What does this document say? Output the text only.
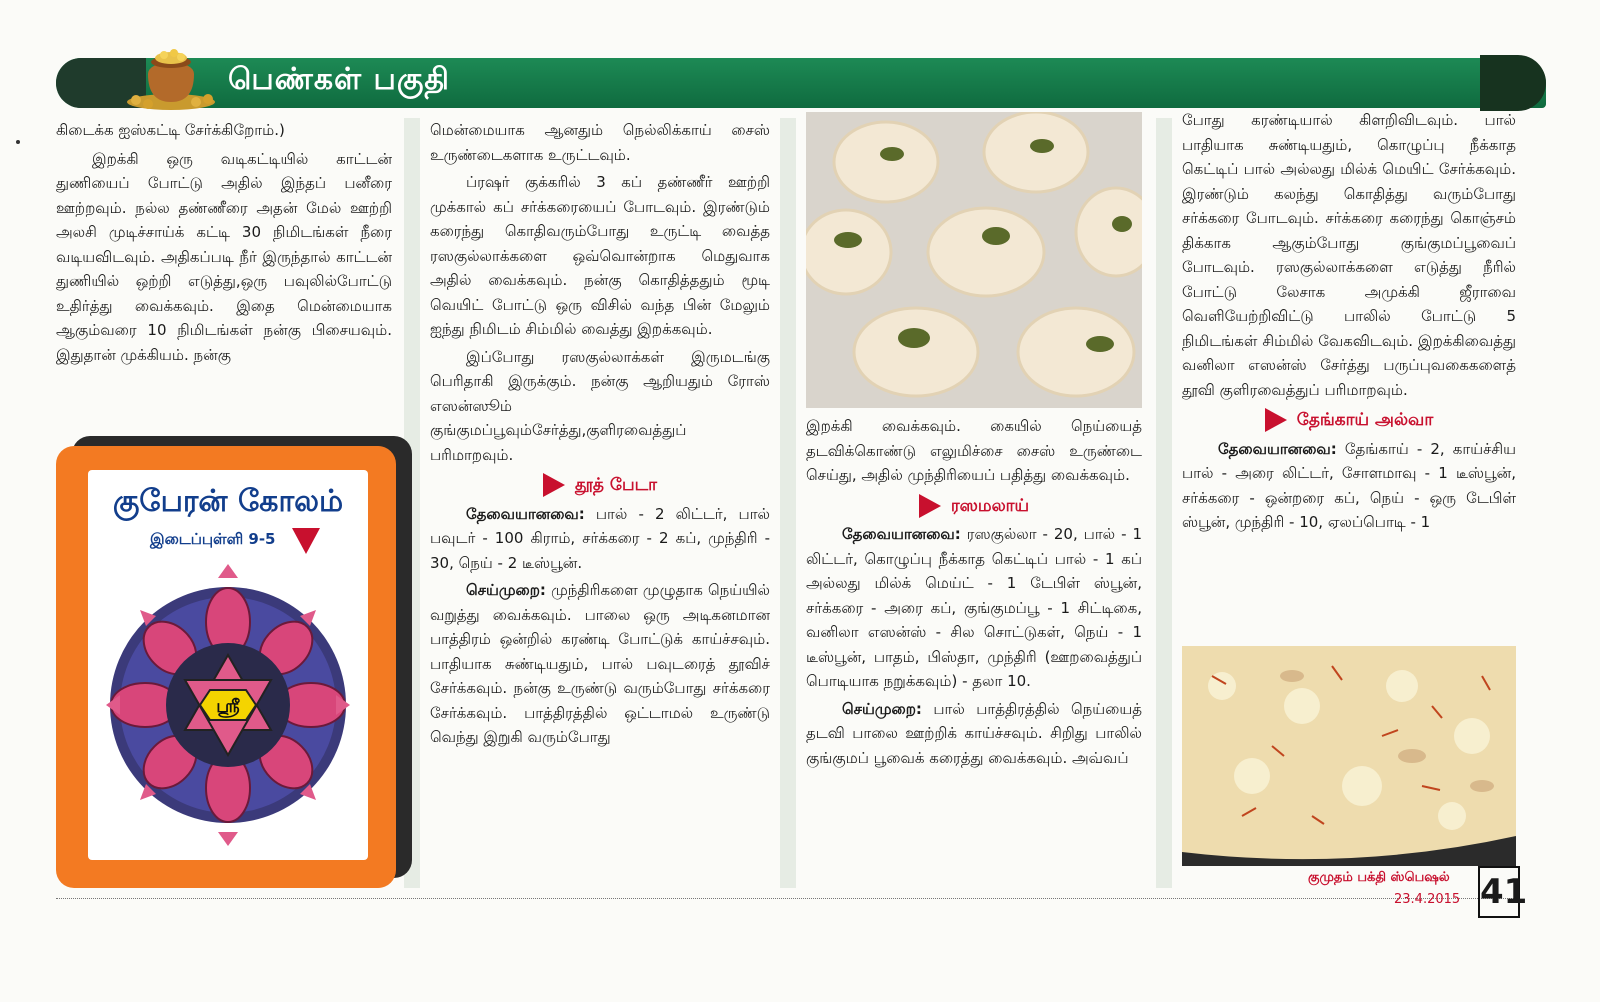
பெண்கள் பகுதி

கிடைக்க ஐஸ்கட்டி சேர்க்கிறோம்.)

இறக்கி ஒரு வடிகட்டியில் காட்டன் துணியைப் போட்டு அதில் இந்தப் பனீரை ஊற்றவும். நல்ல தண்ணீரை அதன் மேல் ஊற்றி அலசி முடிச்சாய்க் கட்டி 30 நிமிடங்கள் நீரை வடியவிடவும். அதிகப்படி நீர் இருந்தால் காட்டன் துணியில் ஒற்றி எடுத்து,ஒரு பவுலில்போட்டு உதிர்த்து வைக்கவும். இதை மென்மையாக ஆகும்வரை 10 நிமிடங்கள் நன்கு பிசையவும். இதுதான் முக்கியம். நன்கு

குபேரன் கோலம்
இடைப்புள்ளி 9-5
ஸ்ரீ

மென்மையாக ஆனதும் நெல்லிக்காய் சைஸ் உருண்டைகளாக உருட்டவும்.

ப்ரஷர் குக்கரில் 3 கப் தண்ணீர் ஊற்றி முக்கால் கப் சர்க்கரையைப் போடவும். இரண்டும் கரைந்து கொதிவரும்போது உருட்டி வைத்த ரஸகுல்லாக்களை ஒவ்வொன்றாக மெதுவாக அதில் வைக்கவும். நன்கு கொதித்ததும் மூடி வெயிட் போட்டு ஒரு விசில் வந்த பின் மேலும் ஐந்து நிமிடம் சிம்மில் வைத்து இறக்கவும்.

இப்போது ரஸகுல்லாக்கள் இருமடங்கு பெரிதாகி இருக்கும். நன்கு ஆறியதும் ரோஸ் எஸன்ஸூம் குங்குமப்பூவும்சேர்த்து,குளிரவைத்துப் பரிமாறவும்.

தூத் பேடா

தேவையானவை: பால் - 2 லிட்டர், பால் பவுடர் - 100 கிராம், சர்க்கரை - 2 கப், முந்திரி - 30, நெய் - 2 டீஸ்பூன்.

செய்முறை: முந்திரிகளை முழுதாக நெய்யில் வறுத்து வைக்கவும். பாலை ஒரு அடிகனமான பாத்திரம் ஒன்றில் கரண்டி போட்டுக் காய்ச்சவும். பாதியாக சுண்டியதும், பால் பவுடரைத் தூவிச் சேர்க்கவும். நன்கு உருண்டு வரும்போது சர்க்கரை சேர்க்கவும். பாத்திரத்தில் ஒட்டாமல் உருண்டு வெந்து இறுகி வரும்போது

இறக்கி வைக்கவும். கையில் நெய்யைத் தடவிக்கொண்டு எலுமிச்சை சைஸ் உருண்டை செய்து, அதில் முந்திரியைப் பதித்து வைக்கவும்.

ரஸமலாய்

தேவையானவை: ரஸகுல்லா - 20, பால் - 1 லிட்டர், கொழுப்பு நீக்காத கெட்டிப் பால் - 1 கப் அல்லது மில்க் மெய்ட் - 1 டேபிள் ஸ்பூன், சர்க்கரை - அரை கப், குங்குமப்பூ - 1 சிட்டிகை, வனிலா எஸன்ஸ் - சில சொட்டுகள், நெய் - 1 டீஸ்பூன், பாதம், பிஸ்தா, முந்திரி (ஊறவைத்துப் பொடியாக நறுக்கவும்) - தலா 10.

செய்முறை: பால் பாத்திரத்தில் நெய்யைத் தடவி பாலை ஊற்றிக் காய்ச்சவும். சிறிது பாலில் குங்குமப் பூவைக் கரைத்து வைக்கவும். அவ்வப்

போது கரண்டியால் கிளறிவிடவும். பால் பாதியாக சுண்டியதும், கொழுப்பு நீக்காத கெட்டிப் பால் அல்லது மில்க் மெயிட் சேர்க்கவும். இரண்டும் கலந்து கொதித்து வரும்போது சர்க்கரை போடவும். சர்க்கரை கரைந்து கொஞ்சம் திக்காக ஆகும்போது குங்குமப்பூவைப் போடவும். ரஸகுல்லாக்களை எடுத்து நீரில் போட்டு லேசாக அமுக்கி ஜீராவை வெளியேற்றிவிட்டு பாலில் போட்டு 5 நிமிடங்கள் சிம்மில் வேகவிடவும். இறக்கிவைத்து வனிலா எஸன்ஸ் சேர்த்து பருப்புவகைகளைத் தூவி குளிரவைத்துப் பரிமாறவும்.

தேங்காய் அல்வா

தேவையானவை: தேங்காய் - 2, காய்ச்சிய பால் - அரை லிட்டர், சோளமாவு - 1 டீஸ்பூன், சர்க்கரை - ஒன்றரை கப், நெய் - ஒரு டேபிள் ஸ்பூன், முந்திரி - 10, ஏலப்பொடி - 1

குமுதம் பக்தி ஸ்பெஷல்
23.4.2015 41
